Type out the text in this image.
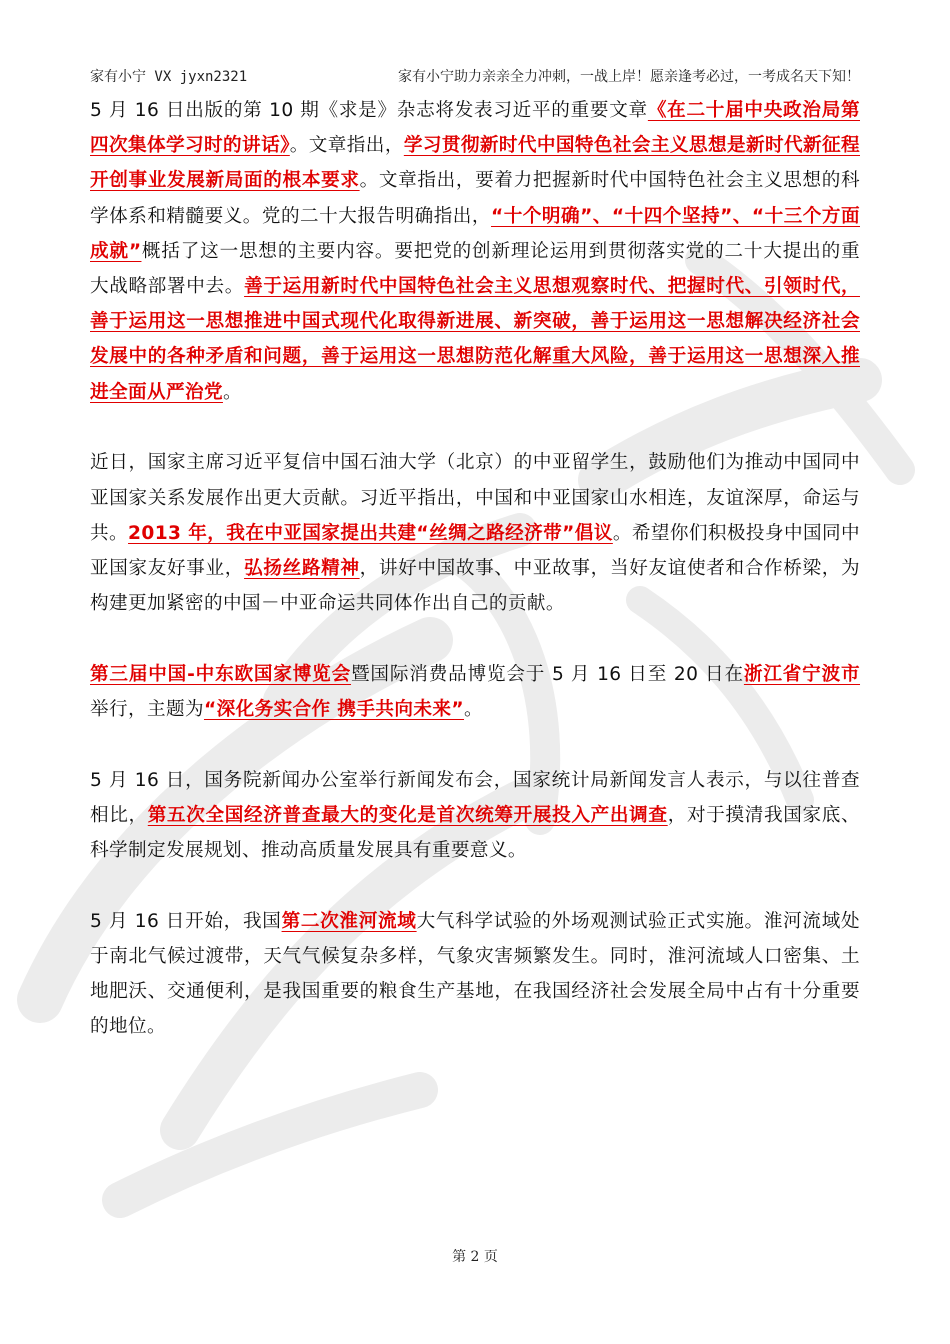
家有小宁 VX jyxn2321	家有小宁助力亲亲全力冲刺，一战上岸！愿亲逢考必过，一考成名天下知！

5 月 16 日出版的第 10 期《求是》杂志将发表习近平的重要文章《在二十届中央政治局第四次集体学习时的讲话》。文章指出，学习贯彻新时代中国特色社会主义思想是新时代新征程开创事业发展新局面的根本要求。文章指出，要着力把握新时代中国特色社会主义思想的科学体系和精髓要义。党的二十大报告明确指出，“十个明确”、“十四个坚持”、“十三个方面成就”概括了这一思想的主要内容。要把党的创新理论运用到贯彻落实党的二十大提出的重大战略部署中去。善于运用新时代中国特色社会主义思想观察时代、把握时代、引领时代，善于运用这一思想推进中国式现代化取得新进展、新突破，善于运用这一思想解决经济社会发展中的各种矛盾和问题，善于运用这一思想防范化解重大风险，善于运用这一思想深入推进全面从严治党。

近日，国家主席习近平复信中国石油大学（北京）的中亚留学生，鼓励他们为推动中国同中亚国家关系发展作出更大贡献。习近平指出，中国和中亚国家山水相连，友谊深厚，命运与共。2013 年，我在中亚国家提出共建“丝绸之路经济带”倡议。希望你们积极投身中国同中亚国家友好事业，弘扬丝路精神，讲好中国故事、中亚故事，当好友谊使者和合作桥梁，为构建更加紧密的中国－中亚命运共同体作出自己的贡献。

第三届中国-中东欧国家博览会暨国际消费品博览会于 5 月 16 日至 20 日在浙江省宁波市举行，主题为“深化务实合作 携手共向未来”。

5 月 16 日，国务院新闻办公室举行新闻发布会，国家统计局新闻发言人表示，与以往普查相比，第五次全国经济普查最大的变化是首次统筹开展投入产出调查，对于摸清我国家底、科学制定发展规划、推动高质量发展具有重要意义。

5 月 16 日开始，我国第二次淮河流域大气科学试验的外场观测试验正式实施。淮河流域处于南北气候过渡带，天气气候复杂多样，气象灾害频繁发生。同时，淮河流域人口密集、土地肥沃、交通便利，是我国重要的粮食生产基地，在我国经济社会发展全局中占有十分重要的地位。

第 2 页
